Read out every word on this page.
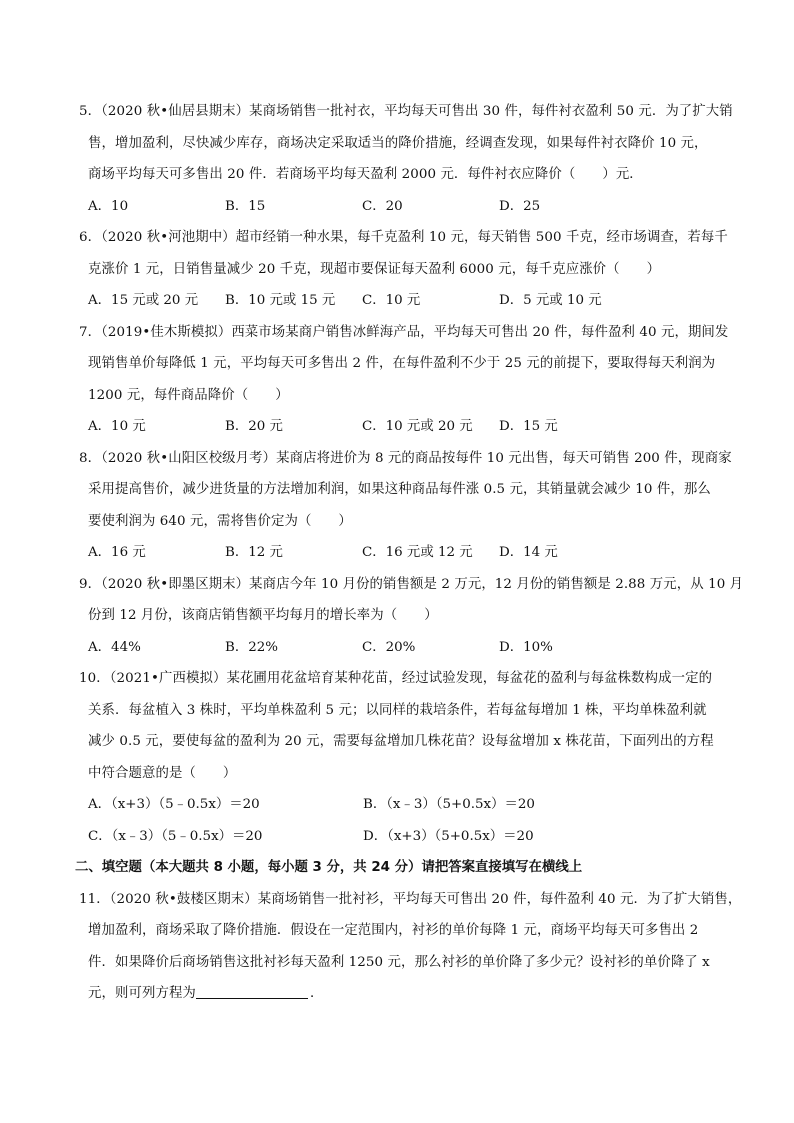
5．（2020 秋•仙居县期末）某商场销售一批衬衣，平均每天可售出 30 件，每件衬衣盈利 50 元．为了扩大销
售，增加盈利，尽快减少库存，商场决定采取适当的降价措施，经调查发现，如果每件衬衣降价 10 元，
商场平均每天可多售出 20 件．若商场平均每天盈利 2000 元．每件衬衣应降价（　　）元．
A．10	B．15	C．20	D．25
6．（2020 秋•河池期中）超市经销一种水果，每千克盈利 10 元，每天销售 500 千克，经市场调查，若每千
克涨价 1 元，日销售量减少 20 千克，现超市要保证每天盈利 6000 元，每千克应涨价（　　）
A．15 元或 20 元	B．10 元或 15 元	C．10 元	D．5 元或 10 元
7．（2019•佳木斯模拟）西菜市场某商户销售冰鲜海产品，平均每天可售出 20 件，每件盈利 40 元，期间发
现销售单价每降低 1 元，平均每天可多售出 2 件，在每件盈利不少于 25 元的前提下，要取得每天利润为
1200 元，每件商品降价（　　）
A．10 元	B．20 元	C．10 元或 20 元	D．15 元
8．（2020 秋•山阳区校级月考）某商店将进价为 8 元的商品按每件 10 元出售，每天可销售 200 件，现商家
采用提高售价，减少进货量的方法增加利润，如果这种商品每件涨 0.5 元，其销量就会减少 10 件，那么
要使利润为 640 元，需将售价定为（　　）
A．16 元	B．12 元	C．16 元或 12 元	D．14 元
9．（2020 秋•即墨区期末）某商店今年 10 月份的销售额是 2 万元，12 月份的销售额是 2.88 万元，从 10 月
份到 12 月份，该商店销售额平均每月的增长率为（　　）
A．44%	B．22%	C．20%	D．10%
10．（2021•广西模拟）某花圃用花盆培育某种花苗，经过试验发现，每盆花的盈利与每盆株数构成一定的
关系．每盆植入 3 株时，平均单株盈利 5 元；以同样的栽培条件，若每盆每增加 1 株，平均单株盈利就
减少 0.5 元，要使每盆的盈利为 20 元，需要每盆增加几株花苗？设每盆增加 x 株花苗，下面列出的方程
中符合题意的是（　　）
A．（x+3）（5﹣0.5x）＝20	B．（x﹣3）（5+0.5x）＝20
C．（x﹣3）（5﹣0.5x）＝20	D．（x+3）（5+0.5x）＝20
二、填空题（本大题共 8 小题，每小题 3 分，共 24 分）请把答案直接填写在横线上
11．（2020 秋•鼓楼区期末）某商场销售一批衬衫，平均每天可售出 20 件，每件盈利 40 元．为了扩大销售，
增加盈利，商场采取了降价措施．假设在一定范围内，衬衫的单价每降 1 元，商场平均每天可多售出 2
件．如果降价后商场销售这批衬衫每天盈利 1250 元，那么衬衫的单价降了多少元？设衬衫的单价降了 x
元，则可列方程为	．
